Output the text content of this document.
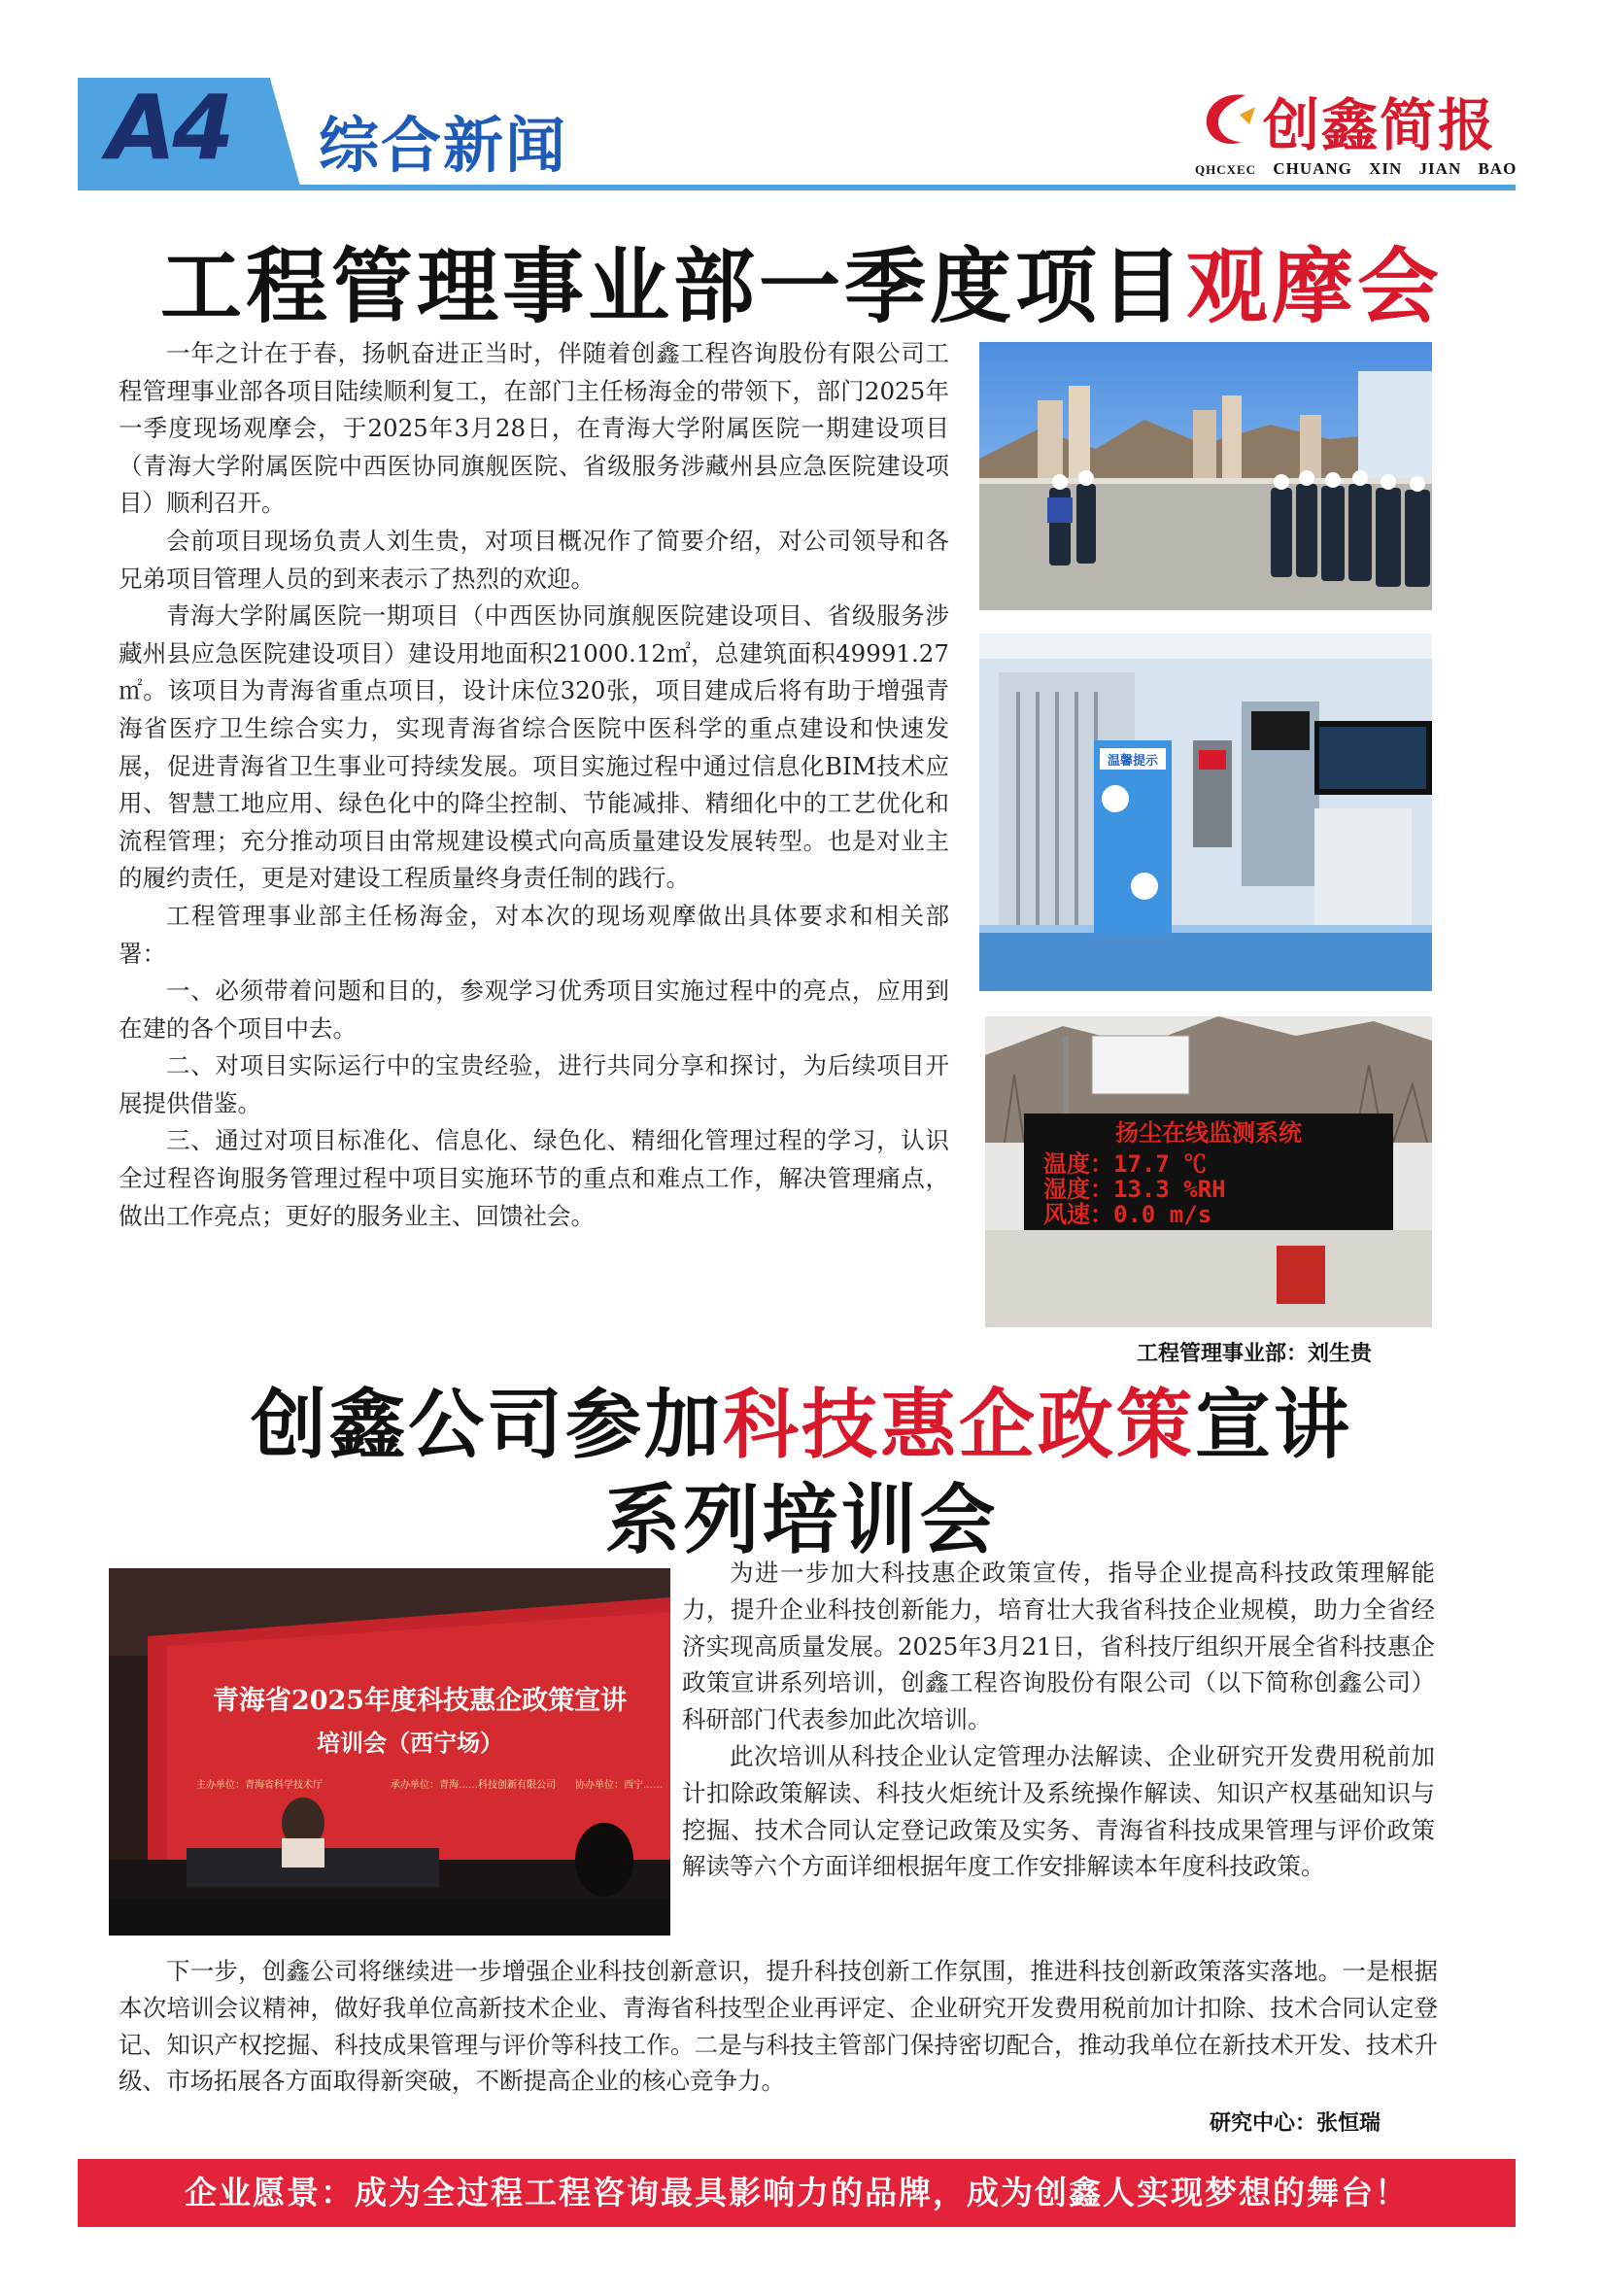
A4 综合新闻	创鑫简报
QHCXEC CHUANG XIN JIAN BAO
工程管理事业部一季度项目观摩会

一年之计在于春，扬帆奋进正当时，伴随着创鑫工程咨询股份有限公司工程管理事业部各项目陆续顺利复工，在部门主任杨海金的带领下，部门2025年一季度现场观摩会，于2025年3月28日，在青海大学附属医院一期建设项目（青海大学附属医院中西医协同旗舰医院、省级服务涉藏州县应急医院建设项目）顺利召开。

会前项目现场负责人刘生贵，对项目概况作了简要介绍，对公司领导和各兄弟项目管理人员的到来表示了热烈的欢迎。

青海大学附属医院一期项目（中西医协同旗舰医院建设项目、省级服务涉藏州县应急医院建设项目）建设用地面积21000.12㎡，总建筑面积49991.27㎡。该项目为青海省重点项目，设计床位320张，项目建成后将有助于增强青海省医疗卫生综合实力，实现青海省综合医院中医科学的重点建设和快速发展，促进青海省卫生事业可持续发展。项目实施过程中通过信息化BIM技术应用、智慧工地应用、绿色化中的降尘控制、节能减排、精细化中的工艺优化和流程管理；充分推动项目由常规建设模式向高质量建设发展转型。也是对业主的履约责任，更是对建设工程质量终身责任制的践行。

工程管理事业部主任杨海金，对本次的现场观摩做出具体要求和相关部署：

一、必须带着问题和目的，参观学习优秀项目实施过程中的亮点，应用到在建的各个项目中去。

二、对项目实际运行中的宝贵经验，进行共同分享和探讨，为后续项目开展提供借鉴。

三、通过对项目标准化、信息化、绿色化、精细化管理过程的学习，认识全过程咨询服务管理过程中项目实施环节的重点和难点工作，解决管理痛点，做出工作亮点；更好的服务业主、回馈社会。

温馨提示
扬尘在线监测系统
温度：17.7 ℃
湿度：13.3 %RH
风速：0.0 m/s
工程管理事业部：刘生贵
创鑫公司参加科技惠企政策宣讲
系列培训会
青海省2025年度科技惠企政策宣讲
培训会（西宁场）
主办单位：青海省科学技术厅	承办单位：青海……科技创新有限公司 协办单位：西宁……

为进一步加大科技惠企政策宣传，指导企业提高科技政策理解能力，提升企业科技创新能力，培育壮大我省科技企业规模，助力全省经济实现高质量发展。2025年3月21日，省科技厅组织开展全省科技惠企政策宣讲系列培训，创鑫工程咨询股份有限公司（以下简称创鑫公司）科研部门代表参加此次培训。

此次培训从科技企业认定管理办法解读、企业研究开发费用税前加计扣除政策解读、科技火炬统计及系统操作解读、知识产权基础知识与挖掘、技术合同认定登记政策及实务、青海省科技成果管理与评价政策解读等六个方面详细根据年度工作安排解读本年度科技政策。

下一步，创鑫公司将继续进一步增强企业科技创新意识，提升科技创新工作氛围，推进科技创新政策落实落地。一是根据本次培训会议精神，做好我单位高新技术企业、青海省科技型企业再评定、企业研究开发费用税前加计扣除、技术合同认定登记、知识产权挖掘、科技成果管理与评价等科技工作。二是与科技主管部门保持密切配合，推动我单位在新技术开发、技术升级、市场拓展各方面取得新突破，不断提高企业的核心竞争力。

研究中心：张恒瑞
企业愿景：成为全过程工程咨询最具影响力的品牌，成为创鑫人实现梦想的舞台！
